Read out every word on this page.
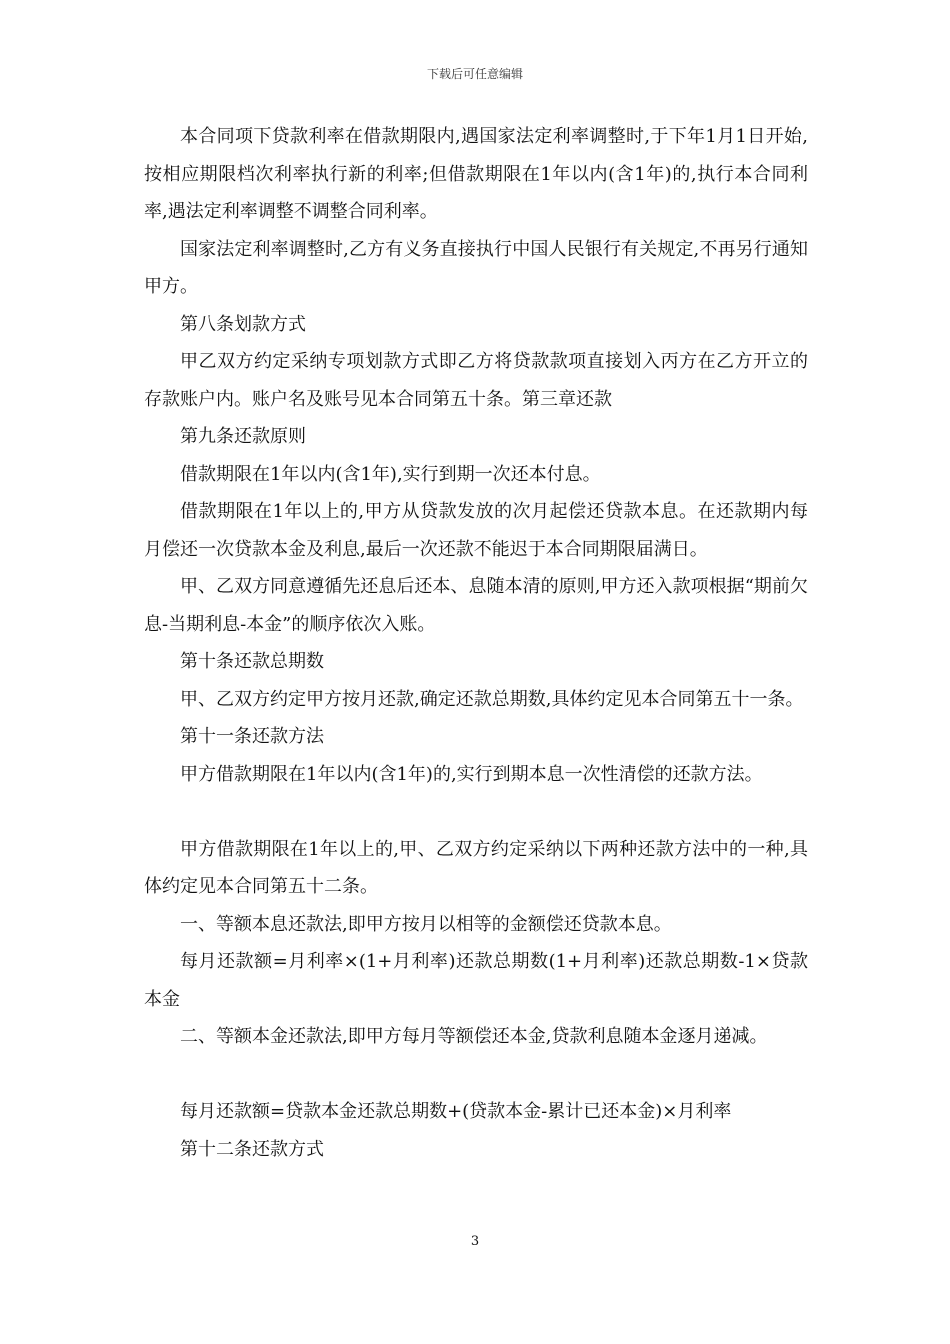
下载后可任意编辑

本合同项下贷款利率在借款期限内,遇国家法定利率调整时,于下年1月1日开始,按相应期限档次利率执行新的利率;但借款期限在1年以内(含1年)的,执行本合同利率,遇法定利率调整不调整合同利率。

国家法定利率调整时,乙方有义务直接执行中国人民银行有关规定,不再另行通知甲方。

第八条划款方式

甲乙双方约定采纳专项划款方式即乙方将贷款款项直接划入丙方在乙方开立的存款账户内。账户名及账号见本合同第五十条。第三章还款

第九条还款原则

借款期限在1年以内(含1年),实行到期一次还本付息。

借款期限在1年以上的,甲方从贷款发放的次月起偿还贷款本息。在还款期内每月偿还一次贷款本金及利息,最后一次还款不能迟于本合同期限届满日。

甲、乙双方同意遵循先还息后还本、息随本清的原则,甲方还入款项根据“期前欠息-当期利息-本金”的顺序依次入账。

第十条还款总期数

甲、乙双方约定甲方按月还款,确定还款总期数,具体约定见本合同第五十一条。

第十一条还款方法

甲方借款期限在1年以内(含1年)的,实行到期本息一次性清偿的还款方法。

甲方借款期限在1年以上的,甲、乙双方约定采纳以下两种还款方法中的一种,具体约定见本合同第五十二条。

一、等额本息还款法,即甲方按月以相等的金额偿还贷款本息。

每月还款额=月利率×(1+月利率)还款总期数(1+月利率)还款总期数-1×贷款本金

二、等额本金还款法,即甲方每月等额偿还本金,贷款利息随本金逐月递减。

每月还款额=贷款本金还款总期数+(贷款本金-累计已还本金)×月利率

第十二条还款方式

3
